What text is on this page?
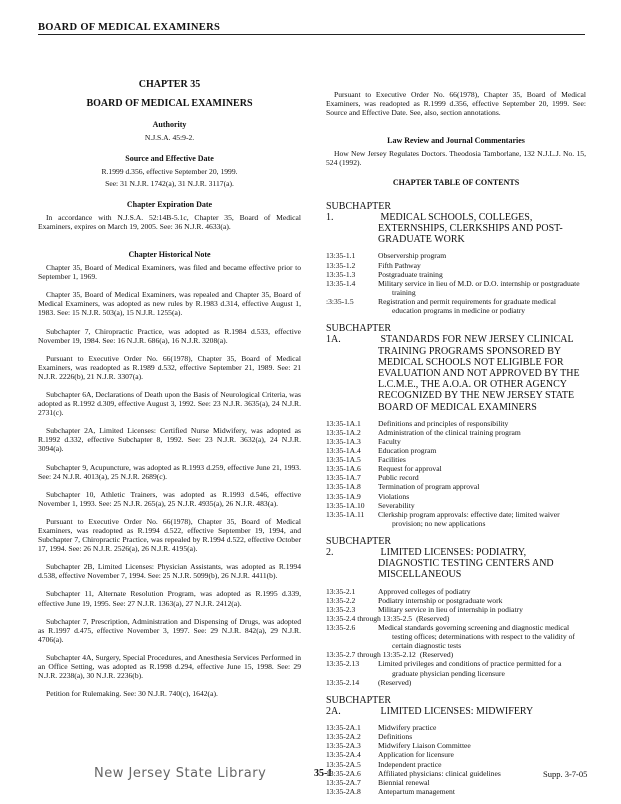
BOARD OF MEDICAL EXAMINERS
CHAPTER 35
BOARD OF MEDICAL EXAMINERS
Authority
N.J.S.A. 45:9-2.
Source and Effective Date
R.1999 d.356, effective September 20, 1999.
See: 31 N.J.R. 1742(a), 31 N.J.R. 3117(a).
Chapter Expiration Date

In accordance with N.J.S.A. 52:14B-5.1c, Chapter 35, Board of Medical Examiners, expires on March 19, 2005. See: 36 N.J.R. 4633(a).

Chapter Historical Note

Chapter 35, Board of Medical Examiners, was filed and became effective prior to September 1, 1969.

Chapter 35, Board of Medical Examiners, was repealed and Chapter 35, Board of Medical Examiners, was adopted as new rules by R.1983 d.314, effective August 1, 1983. See: 15 N.J.R. 503(a), 15 N.J.R. 1255(a).

Subchapter 7, Chiropractic Practice, was adopted as R.1984 d.533, effective November 19, 1984. See: 16 N.J.R. 686(a), 16 N.J.R. 3208(a).

Pursuant to Executive Order No. 66(1978), Chapter 35, Board of Medical Examiners, was readopted as R.1989 d.532, effective September 21, 1989. See: 21 N.J.R. 2226(b), 21 N.J.R. 3307(a).

Subchapter 6A, Declarations of Death upon the Basis of Neurological Criteria, was adopted as R.1992 d.309, effective August 3, 1992. See: 23 N.J.R. 3635(a), 24 N.J.R. 2731(c).

Subchapter 2A, Limited Licenses: Certified Nurse Midwifery, was adopted as R.1992 d.332, effective Subchapter 8, 1992. See: 23 N.J.R. 3632(a), 24 N.J.R. 3094(a).

Subchapter 9, Acupuncture, was adopted as R.1993 d.259, effective June 21, 1993. See: 24 N.J.R. 4013(a), 25 N.J.R. 2689(c).

Subchapter 10, Athletic Trainers, was adopted as R.1993 d.546, effective November 1, 1993. See: 25 N.J.R. 265(a), 25 N.J.R. 4935(a), 26 N.J.R. 483(a).

Pursuant to Executive Order No. 66(1978), Chapter 35, Board of Medical Examiners, was readopted as R.1994 d.522, effective September 19, 1994, and Subchapter 7, Chiropractic Practice, was repealed by R.1994 d.522, effective October 17, 1994. See: 26 N.J.R. 2526(a), 26 N.J.R. 4195(a).

Subchapter 2B, Limited Licenses: Physician Assistants, was adopted as R.1994 d.538, effective November 7, 1994. See: 25 N.J.R. 5099(b), 26 N.J.R. 4411(b).

Subchapter 11, Alternate Resolution Program, was adopted as R.1995 d.339, effective June 19, 1995. See: 27 N.J.R. 1363(a), 27 N.J.R. 2412(a).

Subchapter 7, Prescription, Administration and Dispensing of Drugs, was adopted as R.1997 d.475, effective November 3, 1997. See: 29 N.J.R. 842(a), 29 N.J.R. 4706(a).

Subchapter 4A, Surgery, Special Procedures, and Anesthesia Services Performed in an Office Setting, was adopted as R.1998 d.294, effective June 15, 1998. See: 29 N.J.R. 2238(a), 30 N.J.R. 2236(b).

Petition for Rulemaking. See: 30 N.J.R. 740(c), 1642(a).

Pursuant to Executive Order No. 66(1978), Chapter 35, Board of Medical Examiners, was readopted as R.1999 d.356, effective September 20, 1999. See: Source and Effective Date. See, also, section annotations.

Law Review and Journal Commentaries

How New Jersey Regulates Doctors. Theodosia Tamborlane, 132 N.J.L.J. No. 15, 524 (1992).

CHAPTER TABLE OF CONTENTS
SUBCHAPTER 1.	MEDICAL SCHOOLS, COLLEGES, EXTERNSHIPS, CLERKSHIPS AND POST-GRADUATE WORK
13:35-1.1	Observership program
13:35-1.2	Fifth Pathway
13:35-1.3	Postgraduate training
13:35-1.4	Military service in lieu of M.D. or D.O. internship or postgraduate training
:3:35-1.5	Registration and permit requirements for graduate medical education programs in medicine or podiatry
SUBCHAPTER 1A.	STANDARDS FOR NEW JERSEY CLINICAL TRAINING PROGRAMS SPONSORED BY MEDICAL SCHOOLS NOT ELIGIBLE FOR EVALUATION AND NOT APPROVED BY THE L.C.M.E., THE A.O.A. OR OTHER AGENCY RECOGNIZED BY THE NEW JERSEY STATE BOARD OF MEDICAL EXAMINERS
13:35-1A.1	Definitions and principles of responsibility
13:35-1A.2	Administration of the clinical training program
13:35-1A.3	Faculty
13:35-1A.4	Education program
13:35-1A.5	Facilities
13:35-1A.6	Request for approval
13:35-1A.7	Public record
13:35-1A.8	Termination of program approval
13:35-1A.9	Violations
13:35-1A.10	Severability
13:35-1A.11	Clerkship program approvals: effective date; limited waiver provision; no new applications
SUBCHAPTER 2.	LIMITED LICENSES: PODIATRY, DIAGNOSTIC TESTING CENTERS AND MISCELLANEOUS
13:35-2.1	Approved colleges of podiatry
13:35-2.2	Podiatry internship or postgraduate work
13:35-2.3	Military service in lieu of internship in podiatry
13:35-2.4 through 13:35-2.5 (Reserved)
13:35-2.6	Medical standards governing screening and diagnostic medical testing offices; determinations with respect to the validity of certain diagnostic tests
13:35-2.7 through 13:35-2.12 (Reserved)
13:35-2.13	Limited privileges and conditions of practice permitted for a graduate physician pending licensure
13:35-2.14	(Reserved)
SUBCHAPTER 2A.	LIMITED LICENSES: MIDWIFERY
13:35-2A.1	Midwifery practice
13:35-2A.2	Definitions
13:35-2A.3	Midwifery Liaison Committee
13:35-2A.4	Application for licensure
13:35-2A.5	Independent practice
13:35-2A.6	Affiliated physicians: clinical guidelines
13:35-2A.7	Biennial renewal
13:35-2A.8	Antepartum management
New Jersey State Library	35-1	Supp. 3-7-05
